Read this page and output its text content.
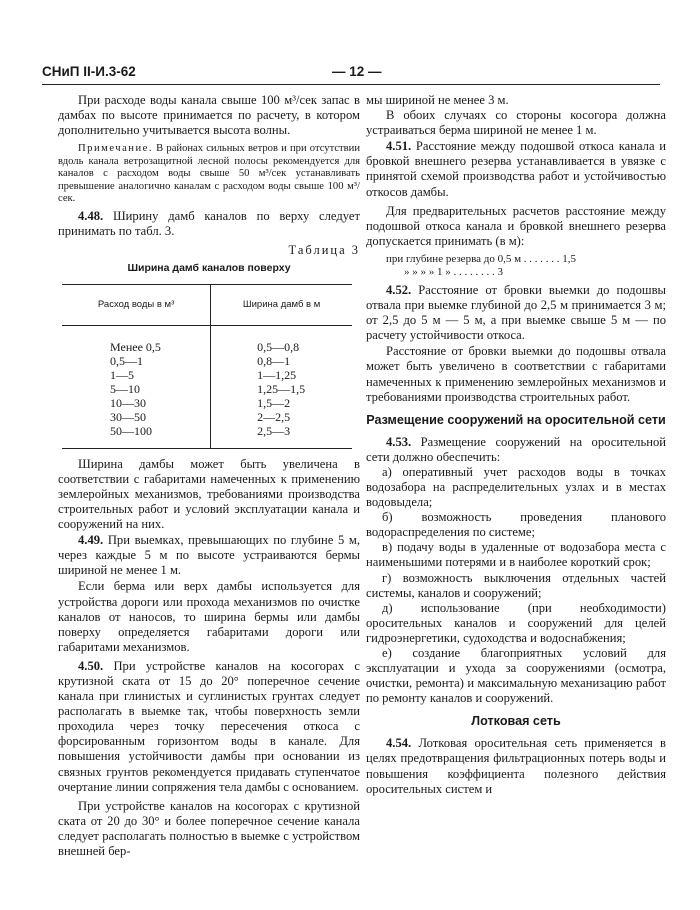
СНиП II-И.3-62	— 12 —

При расходе воды канала свыше 100 м³/сек запас в дамбах по высоте принимается по расчету, в котором дополнительно учитывается высота волны.

Примечание. В районах сильных ветров и при отсутствии вдоль канала ветрозащитной лесной полосы рекомендуется для каналов с расходом воды свыше 50 м³/сек устанавливать превышение аналогично каналам с расходом воды свыше 100 м³/сек.

4.48. Ширину дамб каналов по верху следует принимать по табл. 3.

Таблица 3
Ширина дамб каналов поверху
Расход воды в м³	Ширина дамб в м
Менее 0,5	0,5—0,8
0,5—1	0,8—1
1—5	1—1,25
5—10	1,25—1,5
10—30	1,5—2
30—50	2—2,5
50—100	2,5—3

Ширина дамбы может быть увеличена в соответствии с габаритами намеченных к применению землеройных механизмов, требованиями производства строительных работ и условий эксплуатации канала и сооружений на них.

4.49. При выемках, превышающих по глубине 5 м, через каждые 5 м по высоте устраиваются бермы шириной не менее 1 м.

Если берма или верх дамбы используется для устройства дороги или прохода механизмов по очистке каналов от наносов, то ширина бермы или дамбы поверху определяется габаритами дороги или габаритами механизмов.

4.50. При устройстве каналов на косогорах с крутизной ската от 15 до 20° поперечное сечение канала при глинистых и суглинистых грунтах следует располагать в выемке так, чтобы поверхность земли проходила через точку пересечения откоса с форсированным горизонтом воды в канале. Для повышения устойчивости дамбы при основании из связных грунтов рекомендуется придавать ступенчатое очертание линии сопряжения тела дамбы с основанием.

При устройстве каналов на косогорах с крутизной ската от 20 до 30° и более поперечное сечение канала следует располагать полностью в выемке с устройством внешней бер-

мы шириной не менее 3 м.

В обоих случаях со стороны косогора должна устраиваться берма шириной не менее 1 м.

4.51. Расстояние между подошвой откоса канала и бровкой внешнего резерва устанавливается в увязке с принятой схемой производства работ и устойчивостью откосов дамбы.

Для предварительных расчетов расстояние между подошвой откоса канала и бровкой внешнего резерва допускается принимать (в м):

при глубине резерва до 0,5 м . . . . . . . 1,5
» » » » 1 » . . . . . . . . 3

4.52. Расстояние от бровки выемки до подошвы отвала при выемке глубиной до 2,5 м принимается 3 м; от 2,5 до 5 м — 5 м, а при выемке свыше 5 м — по расчету устойчивости откоса.

Расстояние от бровки выемки до подошвы отвала может быть увеличено в соответствии с габаритами намеченных к применению землеройных механизмов и требованиями производства строительных работ.

Размещение сооружений на оросительной сети

4.53. Размещение сооружений на оросительной сети должно обеспечить:

а) оперативный учет расходов воды в точках водозабора на распределительных узлах и в местах водовыдела;

б) возможность проведения планового водораспределения по системе;

в) подачу воды в удаленные от водозабора места с наименьшими потерями и в наиболее короткий срок;

г) возможность выключения отдельных частей системы, каналов и сооружений;

д) использование (при необходимости) оросительных каналов и сооружений для целей гидроэнергетики, судоходства и водоснабжения;

е) создание благоприятных условий для эксплуатации и ухода за сооружениями (осмотра, очистки, ремонта) и максимальную механизацию работ по ремонту каналов и сооружений.

Лотковая сеть

4.54. Лотковая оросительная сеть применяется в целях предотвращения фильтрационных потерь воды и повышения коэффициента полезного действия оросительных систем и
